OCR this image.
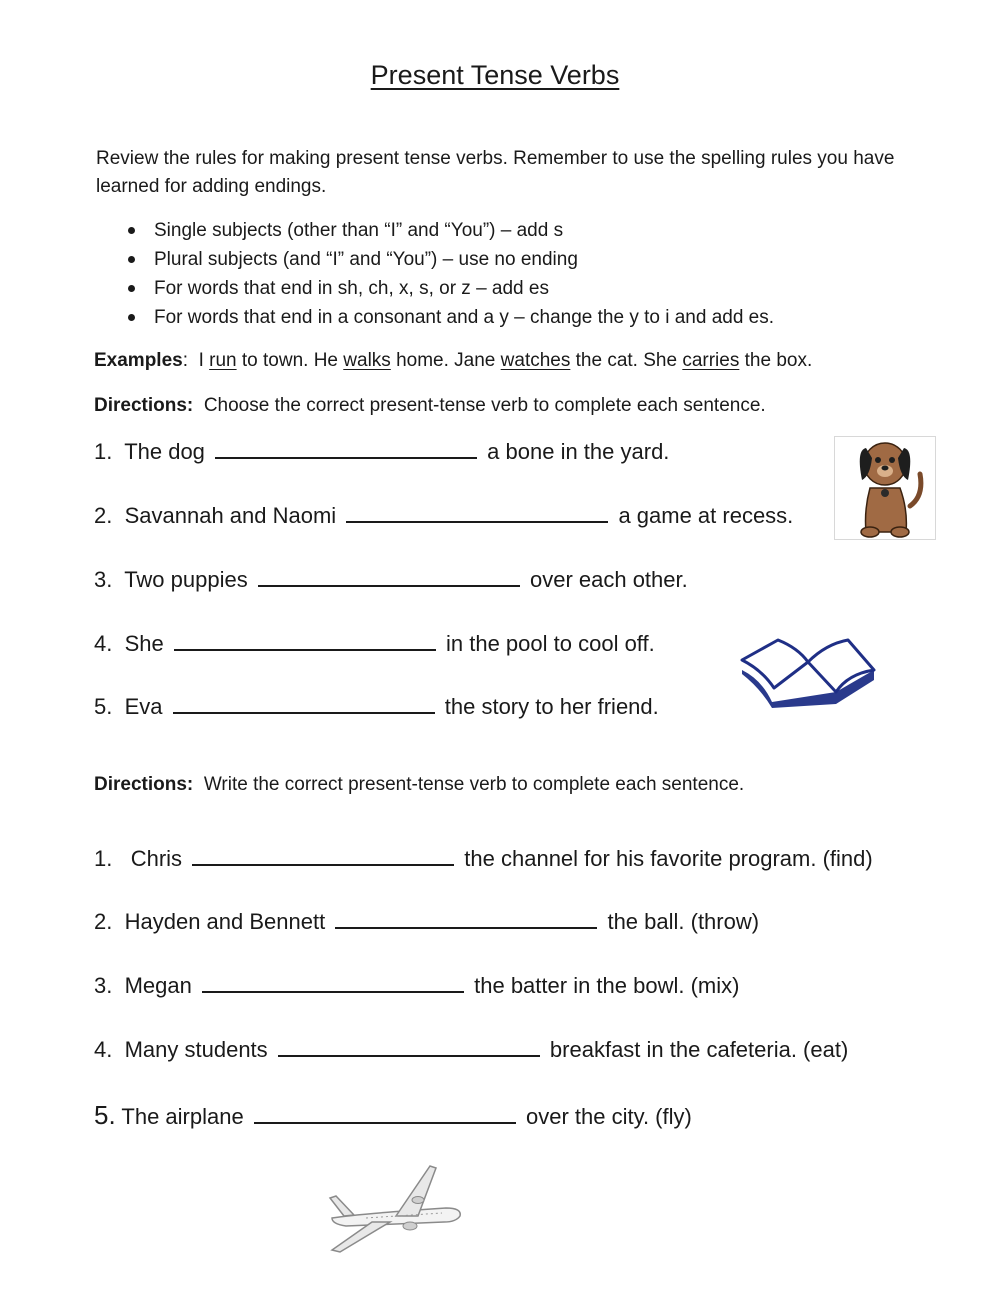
Present Tense Verbs
Review the rules for making present tense verbs. Remember to use the spelling rules you have learned for adding endings.
Single subjects (other than “I” and “You”) – add s
Plural subjects (and “I” and “You”) – use no ending
For words that end in sh, ch, x, s, or z – add es
For words that end in a consonant and a y – change the y to i and add es.
Examples:  I run to town. He walks home. Jane watches the cat. She carries the box.
Directions: Choose the correct present-tense verb to complete each sentence.
1. The dog	a bone in the yard.
2. Savannah and Naomi	a game at recess.
3. Two puppies	over each other.
4. She	in the pool to cool off.
5. Eva	the story to her friend.
Directions: Write the correct present-tense verb to complete each sentence.
1. Chris	the channel for his favorite program. (find)
2. Hayden and Bennett	the ball. (throw)
3. Megan	the batter in the bowl. (mix)
4. Many students	breakfast in the cafeteria. (eat)
5. The airplane	over the city. (fly)
